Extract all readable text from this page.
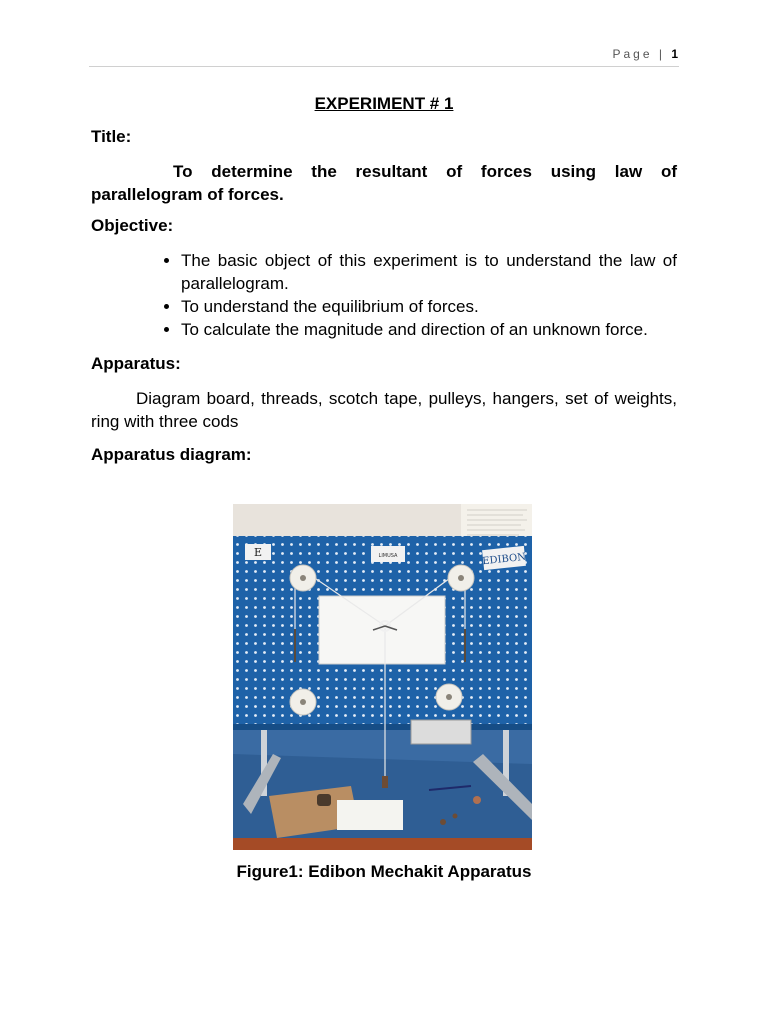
Page | 1

EXPERIMENT # 1

Title:

To determine the resultant of forces using law of parallelogram of forces.

Objective:

• The basic object of this experiment is to understand the law of parallelogram.
• To understand the equilibrium of forces.
• To calculate the magnitude and direction of an unknown force.

Apparatus:

Diagram board, threads, scotch tape, pulleys, hangers, set of weights, ring with three cods

Apparatus diagram:

E	LIMUSA	EDIBON
Figure1: Edibon Mechakit Apparatus
